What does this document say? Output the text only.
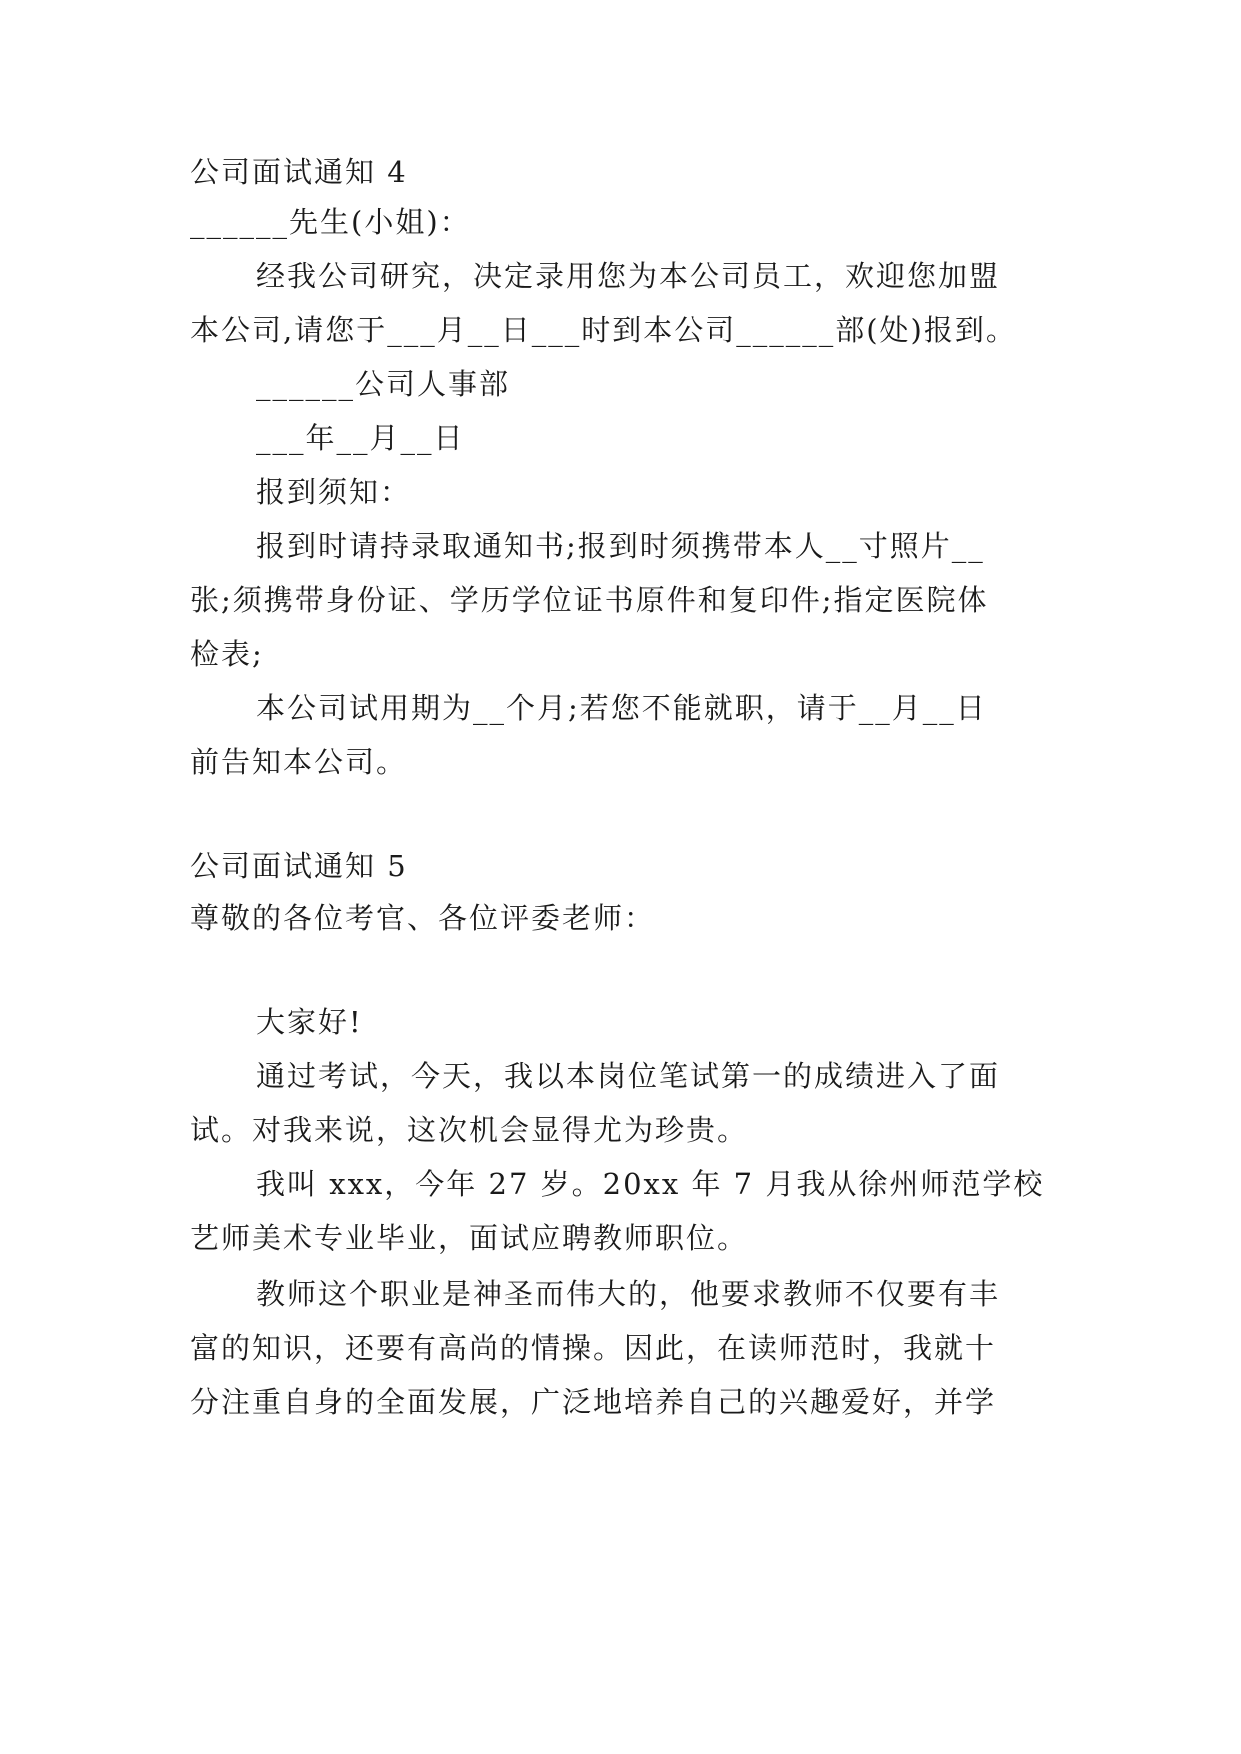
公司面试通知 4
______先生(小姐)：
经我公司研究，决定录用您为本公司员工，欢迎您加盟
本公司,请您于___月__日___时到本公司______部(处)报到。
______公司人事部
___年__月__日
报到须知：
报到时请持录取通知书;报到时须携带本人__寸照片__
张;须携带身份证、学历学位证书原件和复印件;指定医院体
检表;
本公司试用期为__个月;若您不能就职，请于__月__日
前告知本公司。
公司面试通知 5
尊敬的各位考官、各位评委老师：
大家好!
通过考试，今天，我以本岗位笔试第一的成绩进入了面
试。对我来说，这次机会显得尤为珍贵。
我叫 xxx，今年 27 岁。20xx 年 7 月我从徐州师范学校
艺师美术专业毕业，面试应聘教师职位。
教师这个职业是神圣而伟大的，他要求教师不仅要有丰
富的知识，还要有高尚的情操。因此，在读师范时，我就十
分注重自身的全面发展，广泛地培养自己的兴趣爱好，并学
